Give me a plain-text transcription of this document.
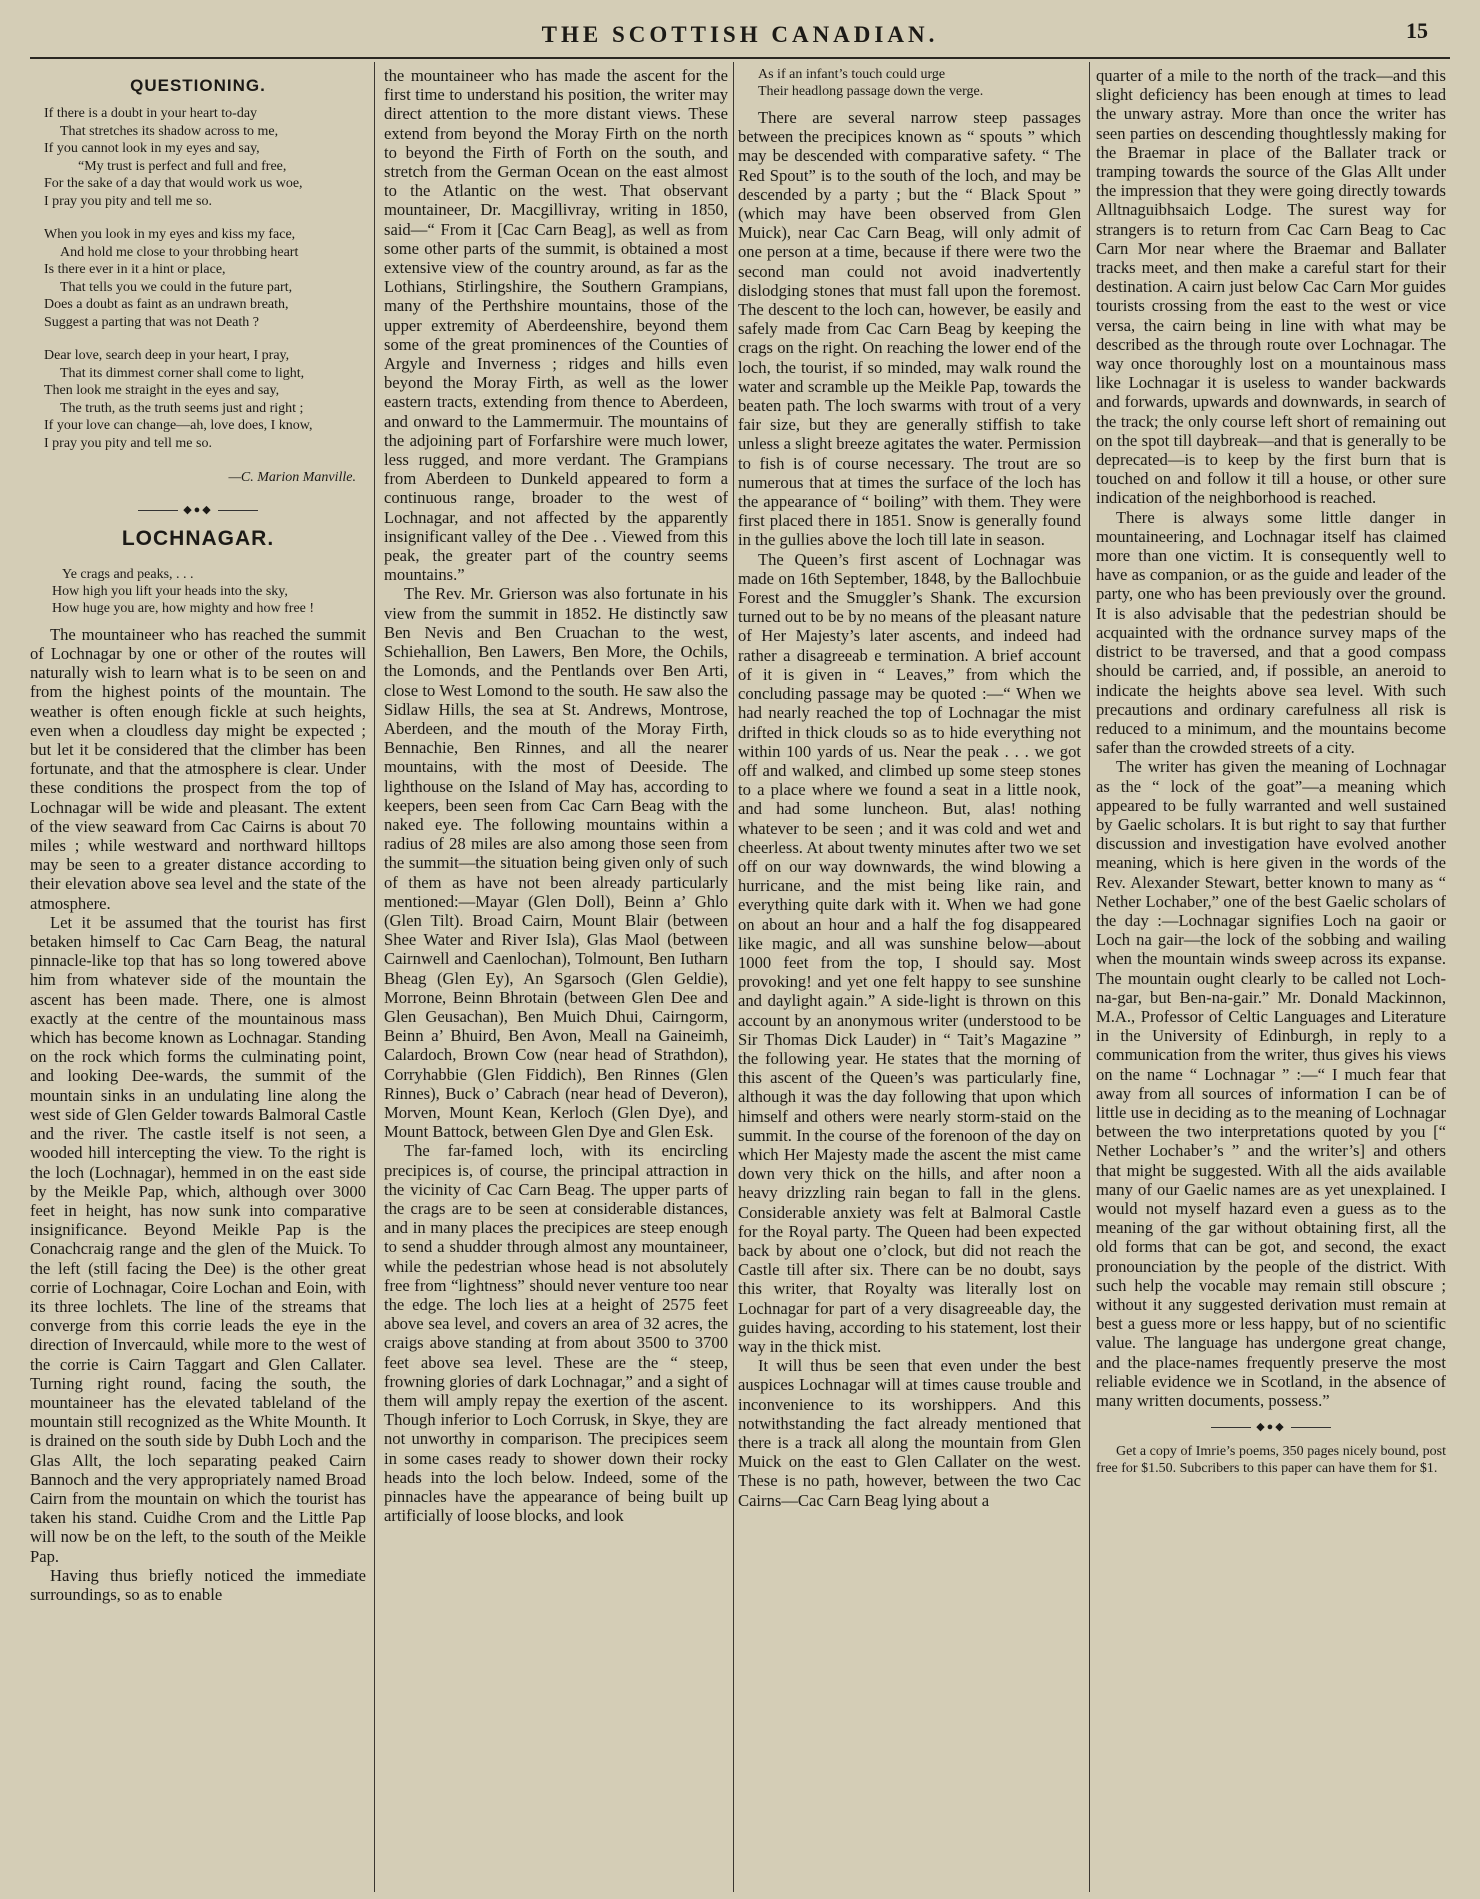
THE SCOTTISH CANADIAN.	15
QUESTIONING.
If there is a doubt in your heart to-day
That stretches its shadow across to me,
If you cannot look in my eyes and say,
“My trust is perfect and full and free,
For the sake of a day that would work us woe,
I pray you pity and tell me so.
When you look in my eyes and kiss my face,
And hold me close to your throbbing heart
Is there ever in it a hint or place,
That tells you we could in the future part,
Does a doubt as faint as an undrawn breath,
Suggest a parting that was not Death ?
Dear love, search deep in your heart, I pray,
That its dimmest corner shall come to light,
Then look me straight in the eyes and say,
The truth, as the truth seems just and right ;
If your love can change—ah, love does, I know,
I pray you pity and tell me so.
—C. Marion Manville.
◆●◆
LOCHNAGAR.
Ye crags and peaks, . . .
How high you lift your heads into the sky,
How huge you are, how mighty and how free !

The mountaineer who has reached the summit of Lochnagar by one or other of the routes will naturally wish to learn what is to be seen on and from the highest points of the mountain. The weather is often enough fickle at such heights, even when a cloudless day might be expected ; but let it be considered that the climber has been fortunate, and that the atmosphere is clear. Under these conditions the prospect from the top of Lochnagar will be wide and pleasant. The extent of the view seaward from Cac Cairns is about 70 miles ; while westward and northward hilltops may be seen to a greater distance according to their elevation above sea level and the state of the atmosphere.

Let it be assumed that the tourist has first betaken himself to Cac Carn Beag, the natural pinnacle-like top that has so long towered above him from whatever side of the mountain the ascent has been made. There, one is almost exactly at the centre of the mountainous mass which has become known as Lochnagar. Standing on the rock which forms the culminating point, and looking Dee-wards, the summit of the mountain sinks in an undulating line along the west side of Glen Gelder towards Balmoral Castle and the river. The castle itself is not seen, a wooded hill intercepting the view. To the right is the loch (Lochnagar), hemmed in on the east side by the Meikle Pap, which, although over 3000 feet in height, has now sunk into comparative insignificance. Beyond Meikle Pap is the Conachcraig range and the glen of the Muick. To the left (still facing the Dee) is the other great corrie of Lochnagar, Coire Lochan and Eoin, with its three lochlets. The line of the streams that converge from this corrie leads the eye in the direction of Invercauld, while more to the west of the corrie is Cairn Taggart and Glen Callater. Turning right round, facing the south, the mountaineer has the elevated tableland of the mountain still recognized as the White Mounth. It is drained on the south side by Dubh Loch and the Glas Allt, the loch separating peaked Cairn Bannoch and the very appropriately named Broad Cairn from the mountain on which the tourist has taken his stand. Cuidhe Crom and the Little Pap will now be on the left, to the south of the Meikle Pap.

Having thus briefly noticed the immediate surroundings, so as to enable

the mountaineer who has made the ascent for the first time to understand his position, the writer may direct attention to the more distant views. These extend from beyond the Moray Firth on the north to beyond the Firth of Forth on the south, and stretch from the German Ocean on the east almost to the Atlantic on the west. That observant mountaineer, Dr. Macgillivray, writing in 1850, said—“ From it [Cac Carn Beag], as well as from some other parts of the summit, is obtained a most extensive view of the country around, as far as the Lothians, Stirlingshire, the Southern Grampians, many of the Perthshire mountains, those of the upper extremity of Aberdeenshire, beyond them some of the great prominences of the Counties of Argyle and Inverness ; ridges and hills even beyond the Moray Firth, as well as the lower eastern tracts, extending from thence to Aberdeen, and onward to the Lammermuir. The mountains of the adjoining part of Forfarshire were much lower, less rugged, and more verdant. The Grampians from Aberdeen to Dunkeld appeared to form a continuous range, broader to the west of Lochnagar, and not affected by the apparently insignificant valley of the Dee . . Viewed from this peak, the greater part of the country seems mountains.”

The Rev. Mr. Grierson was also fortunate in his view from the summit in 1852. He distinctly saw Ben Nevis and Ben Cruachan to the west, Schiehallion, Ben Lawers, Ben More, the Ochils, the Lomonds, and the Pentlands over Ben Arti, close to West Lomond to the south. He saw also the Sidlaw Hills, the sea at St. Andrews, Montrose, Aberdeen, and the mouth of the Moray Firth, Bennachie, Ben Rinnes, and all the nearer mountains, with the most of Deeside. The lighthouse on the Island of May has, according to keepers, been seen from Cac Carn Beag with the naked eye. The following mountains within a radius of 28 miles are also among those seen from the summit—the situation being given only of such of them as have not been already particularly mentioned:—Mayar (Glen Doll), Beinn a’ Ghlo (Glen Tilt). Broad Cairn, Mount Blair (between Shee Water and River Isla), Glas Maol (between Cairnwell and Caenlochan), Tolmount, Ben Iutharn Bheag (Glen Ey), An Sgarsoch (Glen Geldie), Morrone, Beinn Bhrotain (between Glen Dee and Glen Geusachan), Ben Muich Dhui, Cairngorm, Beinn a’ Bhuird, Ben Avon, Meall na Gaineimh, Calardoch, Brown Cow (near head of Strathdon), Corryhabbie (Glen Fiddich), Ben Rinnes (Glen Rinnes), Buck o’ Cabrach (near head of Deveron), Morven, Mount Kean, Kerloch (Glen Dye), and Mount Battock, between Glen Dye and Glen Esk.

The far-famed loch, with its encircling precipices is, of course, the principal attraction in the vicinity of Cac Carn Beag. The upper parts of the crags are to be seen at considerable distances, and in many places the precipices are steep enough to send a shudder through almost any mountaineer, while the pedestrian whose head is not absolutely free from “lightness” should never venture too near the edge. The loch lies at a height of 2575 feet above sea level, and covers an area of 32 acres, the craigs above standing at from about 3500 to 3700 feet above sea level. These are the “ steep, frowning glories of dark Lochnagar,” and a sight of them will amply repay the exertion of the ascent. Though inferior to Loch Corrusk, in Skye, they are not unworthy in comparison. The precipices seem in some cases ready to shower down their rocky heads into the loch below. Indeed, some of the pinnacles have the appearance of being built up artificially of loose blocks, and look

As if an infant’s touch could urge
Their headlong passage down the verge.

There are several narrow steep passages between the precipices known as “ spouts ” which may be descended with comparative safety. “ The Red Spout” is to the south of the loch, and may be descended by a party ; but the “ Black Spout ” (which may have been observed from Glen Muick), near Cac Carn Beag, will only admit of one person at a time, because if there were two the second man could not avoid inadvertently dislodging stones that must fall upon the foremost. The descent to the loch can, however, be easily and safely made from Cac Carn Beag by keeping the crags on the right. On reaching the lower end of the loch, the tourist, if so minded, may walk round the water and scramble up the Meikle Pap, towards the beaten path. The loch swarms with trout of a very fair size, but they are generally stiffish to take unless a slight breeze agitates the water. Permission to fish is of course necessary. The trout are so numerous that at times the surface of the loch has the appearance of “ boiling” with them. They were first placed there in 1851. Snow is generally found in the gullies above the loch till late in season.

The Queen’s first ascent of Lochnagar was made on 16th September, 1848, by the Ballochbuie Forest and the Smuggler’s Shank. The excursion turned out to be by no means of the pleasant nature of Her Majesty’s later ascents, and indeed had rather a disagreeab e termination. A brief account of it is given in “ Leaves,” from which the concluding passage may be quoted :—“ When we had nearly reached the top of Lochnagar the mist drifted in thick clouds so as to hide everything not within 100 yards of us. Near the peak . . . we got off and walked, and climbed up some steep stones to a place where we found a seat in a little nook, and had some luncheon. But, alas! nothing whatever to be seen ; and it was cold and wet and cheerless. At about twenty minutes after two we set off on our way downwards, the wind blowing a hurricane, and the mist being like rain, and everything quite dark with it. When we had gone on about an hour and a half the fog disappeared like magic, and all was sunshine below—about 1000 feet from the top, I should say. Most provoking! and yet one felt happy to see sunshine and daylight again.” A side-light is thrown on this account by an anonymous writer (understood to be Sir Thomas Dick Lauder) in “ Tait’s Magazine ” the following year. He states that the morning of this ascent of the Queen’s was particularly fine, although it was the day following that upon which himself and others were nearly storm-staid on the summit. In the course of the forenoon of the day on which Her Majesty made the ascent the mist came down very thick on the hills, and after noon a heavy drizzling rain began to fall in the glens. Considerable anxiety was felt at Balmoral Castle for the Royal party. The Queen had been expected back by about one o’clock, but did not reach the Castle till after six. There can be no doubt, says this writer, that Royalty was literally lost on Lochnagar for part of a very disagreeable day, the guides having, according to his statement, lost their way in the thick mist.

It will thus be seen that even under the best auspices Lochnagar will at times cause trouble and inconvenience to its worshippers. And this notwithstanding the fact already mentioned that there is a track all along the mountain from Glen Muick on the east to Glen Callater on the west. These is no path, however, between the two Cac Cairns—Cac Carn Beag lying about a

quarter of a mile to the north of the track—and this slight deficiency has been enough at times to lead the unwary astray. More than once the writer has seen parties on descending thoughtlessly making for the Braemar in place of the Ballater track or tramping towards the source of the Glas Allt under the impression that they were going directly towards Alltnaguibhsaich Lodge. The surest way for strangers is to return from Cac Carn Beag to Cac Carn Mor near where the Braemar and Ballater tracks meet, and then make a careful start for their destination. A cairn just below Cac Carn Mor guides tourists crossing from the east to the west or vice versa, the cairn being in line with what may be described as the through route over Lochnagar. The way once thoroughly lost on a mountainous mass like Lochnagar it is useless to wander backwards and forwards, upwards and downwards, in search of the track; the only course left short of remaining out on the spot till daybreak—and that is generally to be deprecated—is to keep by the first burn that is touched on and follow it till a house, or other sure indication of the neighborhood is reached.

There is always some little danger in mountaineering, and Lochnagar itself has claimed more than one victim. It is consequently well to have as companion, or as the guide and leader of the party, one who has been previously over the ground. It is also advisable that the pedestrian should be acquainted with the ordnance survey maps of the district to be traversed, and that a good compass should be carried, and, if possible, an aneroid to indicate the heights above sea level. With such precautions and ordinary carefulness all risk is reduced to a minimum, and the mountains become safer than the crowded streets of a city.

The writer has given the meaning of Lochnagar as the “ lock of the goat”—a meaning which appeared to be fully warranted and well sustained by Gaelic scholars. It is but right to say that further discussion and investigation have evolved another meaning, which is here given in the words of the Rev. Alexander Stewart, better known to many as “ Nether Lochaber,” one of the best Gaelic scholars of the day :—Lochnagar signifies Loch na gaoir or Loch na gair—the lock of the sobbing and wailing when the mountain winds sweep across its expanse. The mountain ought clearly to be called not Loch-na-gar, but Ben-na-gair.” Mr. Donald Mackinnon, M.A., Professor of Celtic Languages and Literature in the University of Edinburgh, in reply to a communication from the writer, thus gives his views on the name “ Lochnagar ” :—“ I much fear that away from all sources of information I can be of little use in deciding as to the meaning of Lochnagar between the two interpretations quoted by you [“ Nether Lochaber’s ” and the writer’s] and others that might be suggested. With all the aids available many of our Gaelic names are as yet unexplained. I would not myself hazard even a guess as to the meaning of the gar without obtaining first, all the old forms that can be got, and second, the exact pronounciation by the people of the district. With such help the vocable may remain still obscure ; without it any suggested derivation must remain at best a guess more or less happy, but of no scientific value. The language has undergone great change, and the place-names frequently preserve the most reliable evidence we in Scotland, in the absence of many written documents, possess.”

◆●◆
Get a copy of Imrie’s poems, 350 pages nicely bound, post free for $1.50. Subcribers to this paper can have them for $1.
